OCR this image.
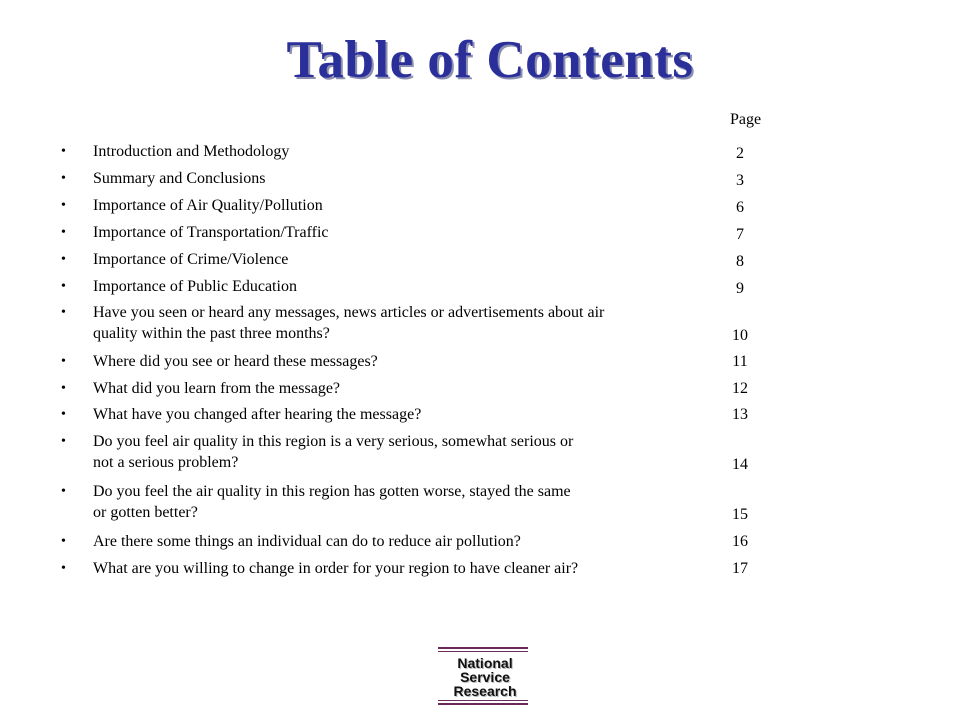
Table of Contents
Page
• Introduction and Methodology	2
• Summary and Conclusions	3
• Importance of Air Quality/Pollution	6
• Importance of Transportation/Traffic	7
• Importance of Crime/Violence	8
• Importance of Public Education	9
• Have you seen or heard any messages, news articles or advertisements about air
quality within the past three months?	10
• Where did you see or heard these messages?	11
• What did you learn from the message?	12
• What have you changed after hearing the message?	13
• Do you feel air quality in this region is a very serious, somewhat serious or
not a serious problem?	14
• Do you feel the air quality in this region has gotten worse, stayed the same
or gotten better?	15
• Are there some things an individual can do to reduce air pollution?	16
• What are you willing to change in order for your region to have cleaner air?	17
National
Service
Research
